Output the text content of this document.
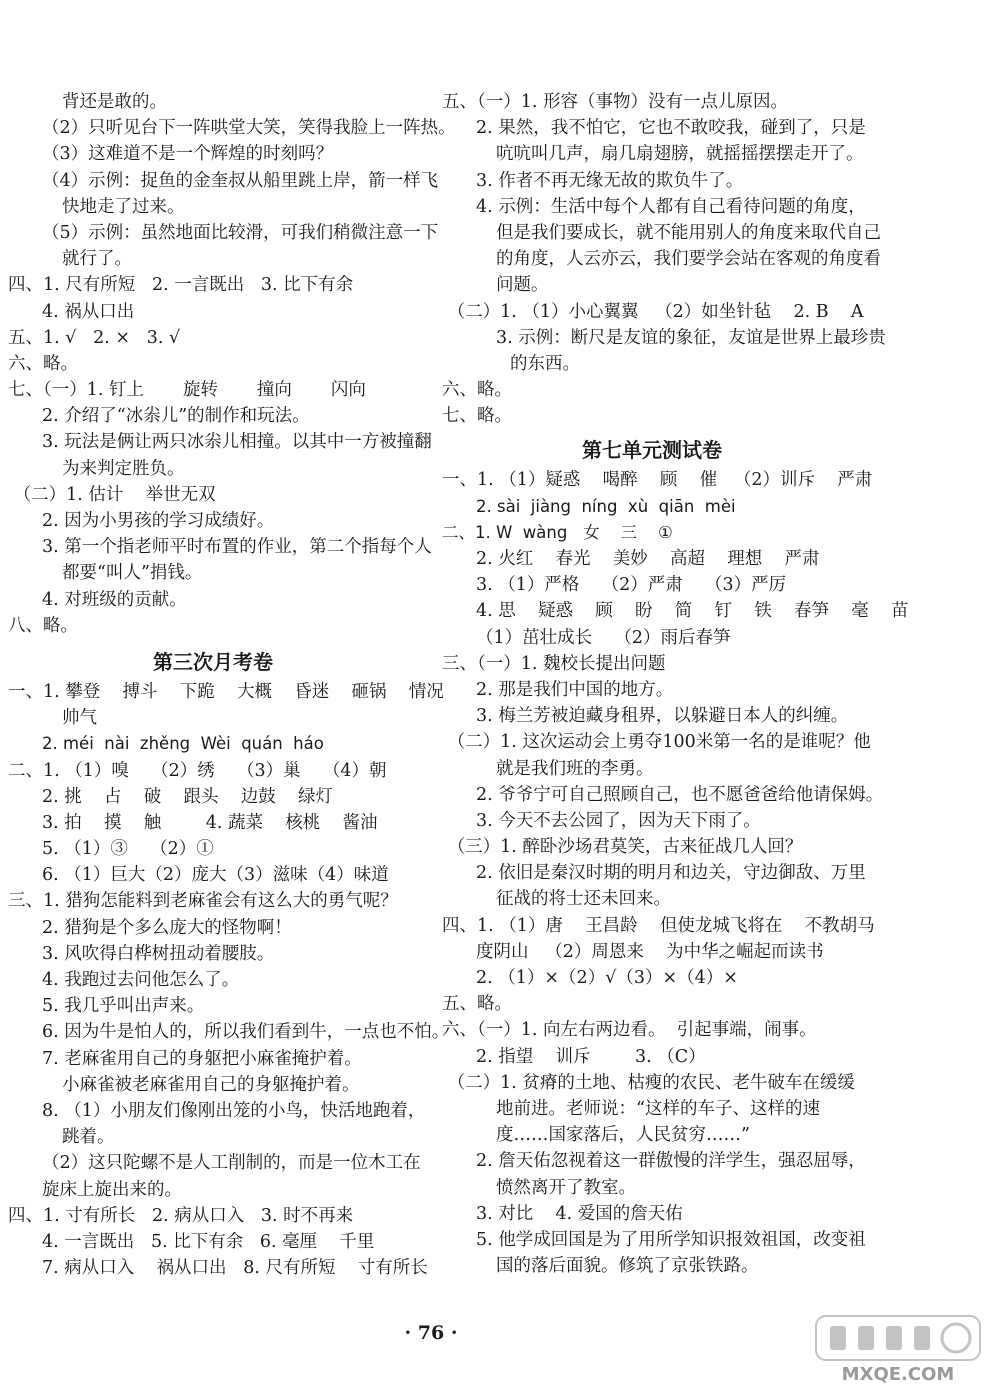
背还是敢的。
（2）只听见台下一阵哄堂大笑，笑得我脸上一阵热。
（3）这难道不是一个辉煌的时刻吗？
（4）示例：捉鱼的金奎叔从船里跳上岸，箭一样飞
快地走了过来。
（5）示例：虽然地面比较滑，可我们稍微注意一下
就行了。
四、1. 尺有所短   2. 一言既出   3. 比下有余
4. 祸从口出
五、1. √   2. ×   3. √
六、略。
七、（一）1. 钉上       旋转       撞向       闪向
2. 介绍了“冰尜儿”的制作和玩法。
3. 玩法是俩让两只冰尜儿相撞。以其中一方被撞翻
为来判定胜负。
（二）1. 估计    举世无双
2. 因为小男孩的学习成绩好。
3. 第一个指老师平时布置的作业，第二个指每个人
都要“叫人”捐钱。
4. 对班级的贡献。
八、略。
第三次月考卷
一、1. 攀登    搏斗    下跪    大概    昏迷    砸锅    情况
帅气
2. méi  nài  zhěng  Wèi  quán  háo
二、1. （1）嗅    （2）绣    （3）巢    （4）朝
2. 挑    占    破    跟头    边鼓    绿灯
3. 拍    摸    触        4. 蔬菜    核桃    酱油
5. （1）③    （2）①
6. （1）巨大（2）庞大（3）滋味（4）味道
三、1. 猎狗怎能料到老麻雀会有这么大的勇气呢？
2. 猎狗是个多么庞大的怪物啊！
3. 风吹得白桦树扭动着腰肢。
4. 我跑过去问他怎么了。
5. 我几乎叫出声来。
6. 因为牛是怕人的，所以我们看到牛，一点也不怕。
7. 老麻雀用自己的身躯把小麻雀掩护着。
小麻雀被老麻雀用自己的身躯掩护着。
8. （1）小朋友们像刚出笼的小鸟，快活地跑着，
跳着。
（2）这只陀螺不是人工削制的，而是一位木工在
旋床上旋出来的。
四、1. 寸有所长   2. 病从口入   3. 时不再来
4. 一言既出   5. 比下有余   6. 毫厘    千里
7. 病从口入    祸从口出   8. 尺有所短    寸有所长
五、（一）1. 形容（事物）没有一点儿原因。
2. 果然，我不怕它，它也不敢咬我，碰到了，只是
吭吭叫几声，扇几扇翅膀，就摇摇摆摆走开了。
3. 作者不再无缘无故的欺负牛了。
4. 示例：生活中每个人都有自己看待问题的角度，
但是我们要成长，就不能用别人的角度来取代自己
的角度，人云亦云，我们要学会站在客观的角度看
问题。
（二）1. （1）小心翼翼   （2）如坐针毡    2. B    A
3. 示例：断尺是友谊的象征，友谊是世界上最珍贵
的东西。
六、略。
七、略。
第七单元测试卷
一、1. （1）疑惑    喝醉    顾    催   （2）训斥    严肃
2. sài  jiàng  níng  xù  qiān  mèi
二、1. W  wàng   女    三    ①
2. 火红    春光    美妙    高超    理想    严肃
3. （1）严格    （2）严肃    （3）严厉
4. 思    疑惑    顾    盼    简    钉    铁    春笋    毫    苗
（1）茁壮成长    （2）雨后春笋
三、（一）1. 魏校长提出问题
2. 那是我们中国的地方。
3. 梅兰芳被迫藏身租界，以躲避日本人的纠缠。
（二）1. 这次运动会上勇夺100米第一名的是谁呢？他
就是我们班的李勇。
2. 爷爷宁可自己照顾自己，也不愿爸爸给他请保姆。
3. 今天不去公园了，因为天下雨了。
（三）1. 醉卧沙场君莫笑，古来征战几人回？
2. 依旧是秦汉时期的明月和边关，守边御敌、万里
征战的将士还未回来。
四、1. （1）唐    王昌龄    但使龙城飞将在    不教胡马
度阴山   （2）周恩来    为中华之崛起而读书
2. （1）×（2）√（3）×（4）×
五、略。
六、（一）1. 向左右两边看。  引起事端，闹事。
2. 指望    训斥        3. （C）
（二）1. 贫瘠的土地、枯瘦的农民、老牛破车在缓缓
地前进。老师说：“这样的车子、这样的速
度……国家落后，人民贫穷……”
2. 詹天佑忽视着这一群傲慢的洋学生，强忍屈辱，
愤然离开了教室。
3. 对比    4. 爱国的詹天佑
5. 他学成回国是为了用所学知识报效祖国，改变祖
国的落后面貌。修筑了京张铁路。
· 76 ·
MXQE.COM
